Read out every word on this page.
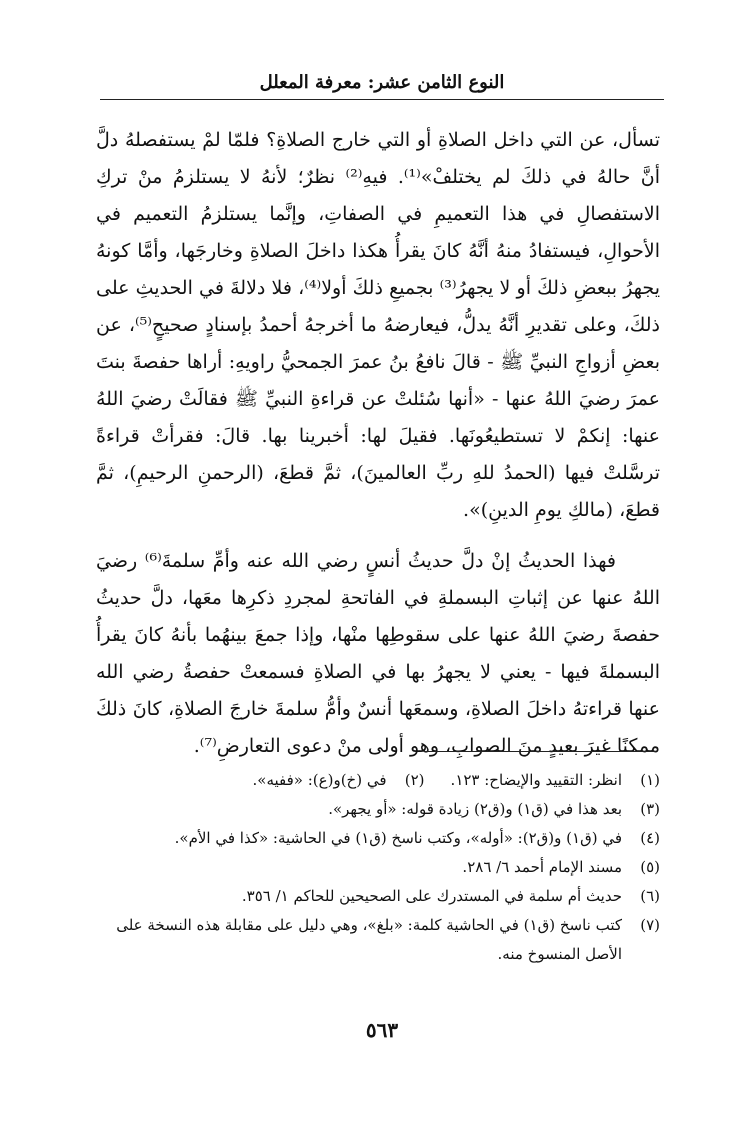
النوع الثامن عشر: معرفة المعلل

تسأل، عن التي داخل الصلاةِ أو التي خارج الصلاةِ؟ فلمّا لمْ يستفصلهُ دلَّ أنَّ حالهُ في ذلكَ لم يختلفْ»⁽¹⁾. فيهِ⁽²⁾ نظرٌ؛ لأنهُ لا يستلزمُ منْ تركِ الاستفصالِ في هذا التعميمِ في الصفاتِ، وإنَّما يستلزمُ التعميم في الأحوالِ، فيستفادُ منهُ أنَّهُ كانَ يقرأُ هكذا داخلَ الصلاةِ وخارجَها، وأمَّا كونهُ يجهرُ ببعضِ ذلكَ أو لا يجهرُ⁽³⁾ بجميعِ ذلكَ أولا⁽⁴⁾، فلا دلالةَ في الحديثِ على ذلكَ، وعلى تقديرِ أنَّهُ يدلُّ، فيعارضهُ ما أخرجهُ أحمدُ بإسنادٍ صحيحٍ⁽⁵⁾، عن بعضِ أزواجِ النبيِّ ﷺ - قالَ نافعُ بنُ عمرَ الجمحيُّ راويهِ: أراها حفصةَ بنتَ عمرَ رضيَ اللهُ عنها - «أنها سُئلتْ عن قراءةِ النبيِّ ﷺ فقالَتْ رضيَ اللهُ عنها: إنكمْ لا تستطيعُونَها. فقيلَ لها: أخبرينا بها. قالَ: فقرأتْ قراءةً ترسَّلتْ فيها (الحمدُ للهِ ربِّ العالمينَ)، ثمَّ قطعَ، (الرحمنِ الرحيمِ)، ثمَّ قطعَ، (مالكِ يومِ الدينِ)».

فهذا الحديثُ إنْ دلَّ حديثُ أنسٍ رضي الله عنه وأمِّ سلمةَ⁽⁶⁾ رضيَ اللهُ عنها عن إثباتِ البسملةِ في الفاتحةِ لمجردِ ذكرِها معَها، دلَّ حديثُ حفصةَ رضيَ اللهُ عنها على سقوطِها منْها، وإذا جمعَ بينهُما بأنهُ كانَ يقرأُ البسملةَ فيها - يعني لا يجهرُ بها في الصلاةِ فسمعتْ حفصةُ رضي الله عنها قراءتهُ داخلَ الصلاةِ، وسمعَها أنسٌ وأمُّ سلمةَ خارجَ الصلاةِ، كانَ ذلكَ ممكنًا غيرَ بعيدٍ منَ الصوابِ، وهو أولى منْ دعوى التعارضِ⁽⁷⁾.

(١)
انظر: التقييد والإيضاح: ١٢٣.
(٢)
في (خ)و(ع): «ففيه».
(٣)
بعد هذا في (ق١) و(ق٢) زيادة قوله: «أو يجهر».
(٤)
في (ق١) و(ق٢): «أوله»، وكتب ناسخ (ق١) في الحاشية: «كذا في الأم».
(٥)
مسند الإمام أحمد ٦/ ٢٨٦.
(٦)
حديث أم سلمة في المستدرك على الصحيحين للحاكم ١/ ٣٥٦.
(٧)
كتب ناسخ (ق١) في الحاشية كلمة: «بلغ»، وهي دليل على مقابلة هذه النسخة على الأصل المنسوخ منه.
٥٦٣
